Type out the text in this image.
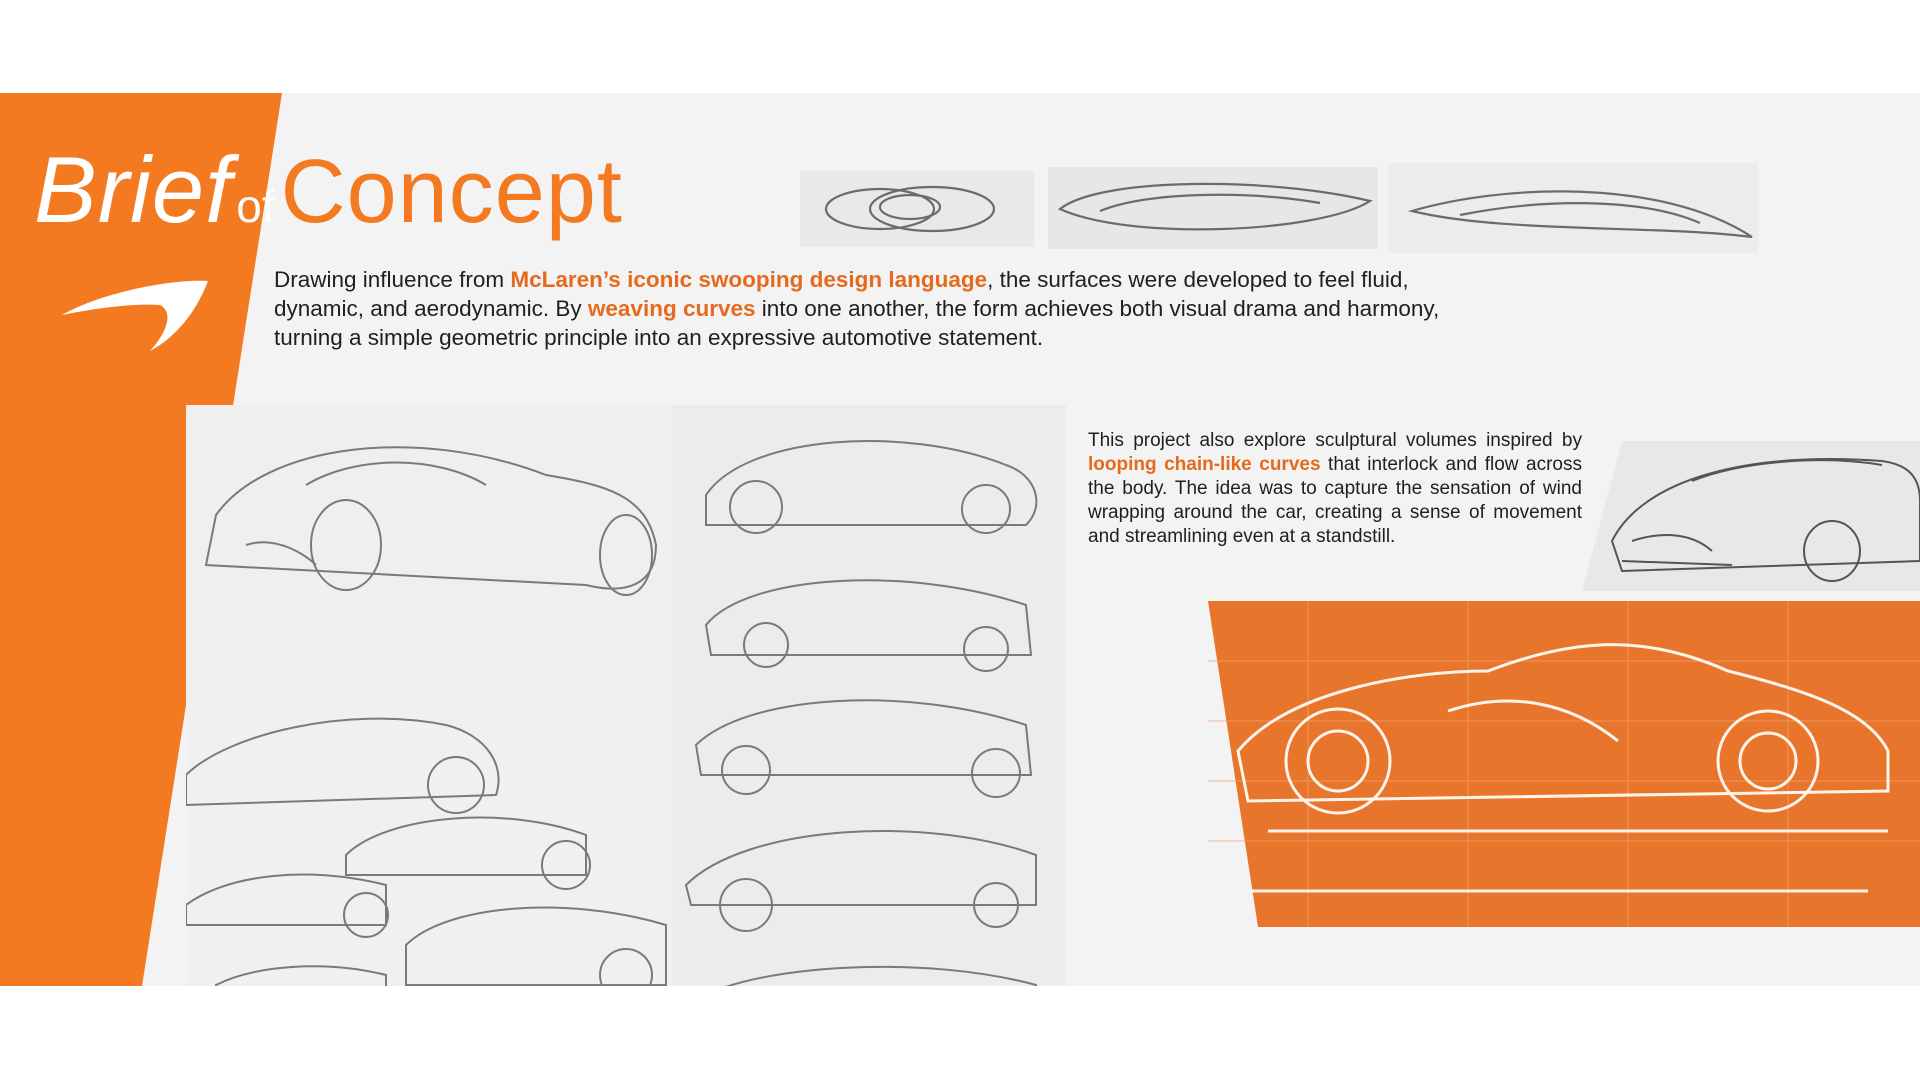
BriefofConcept
Drawing influence from McLaren’s iconic swooping design language, the surfaces were developed to feel fluid, dynamic, and aerodynamic. By weaving curves into one another, the form achieves both visual drama and harmony, turning a simple geometric principle into an expressive automotive statement.
This project also explore sculptural volumes inspired by looping chain-like curves that interlock and flow across the body. The idea was to capture the sensation of wind wrapping around the car, creating a sense of movement and streamlining even at a standstill.
